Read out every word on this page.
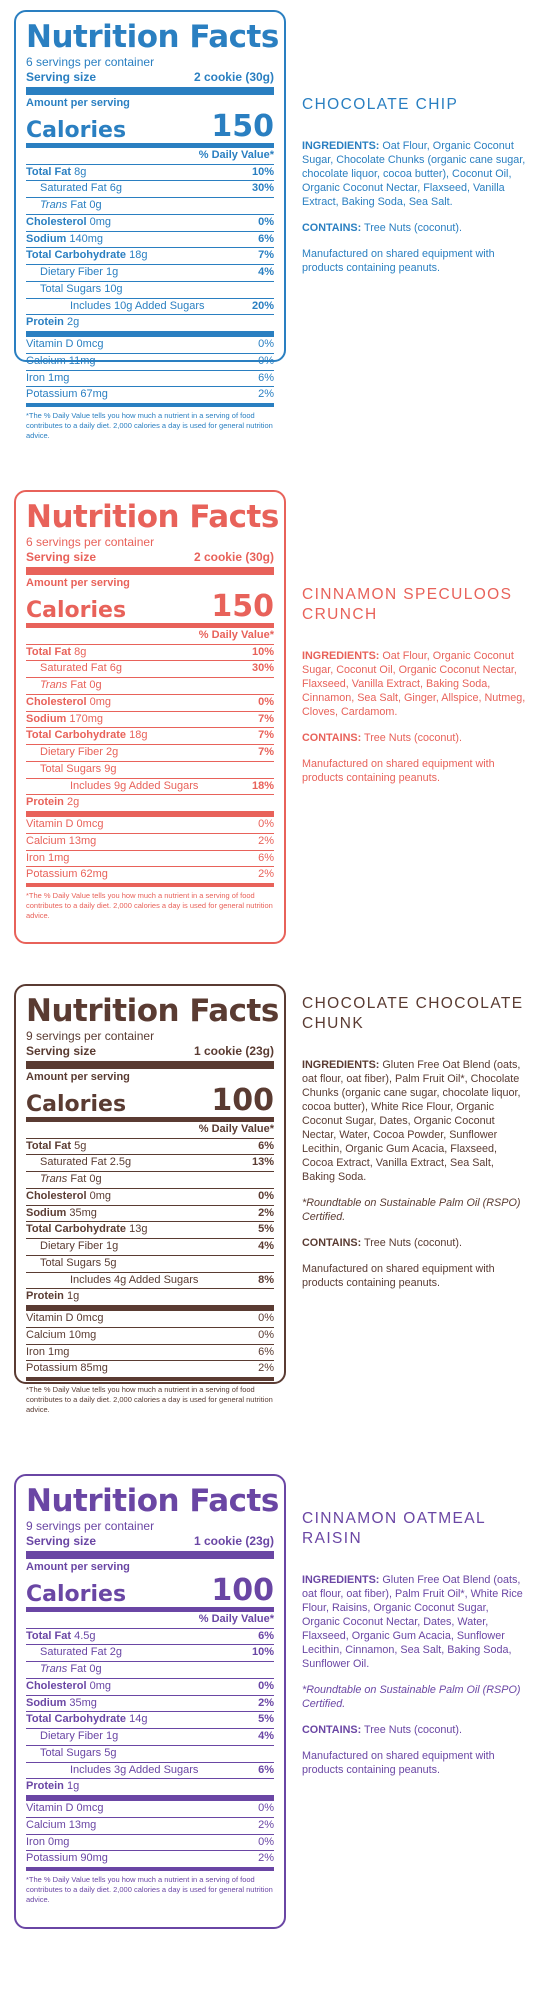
Nutrition Facts
6 servings per container
Serving size	2 cookie (30g)
Amount per serving
Calories	150
% Daily Value*
Total Fat 8g	10%
Saturated Fat 6g	30%
Trans Fat 0g
Cholesterol 0mg	0%
Sodium 140mg	6%
Total Carbohydrate 18g	7%
Dietary Fiber 1g	4%
Total Sugars 10g
Includes 10g Added Sugars	20%
Protein 2g
Vitamin D 0mcg	0%
Calcium 11mg	0%
Iron 1mg	6%
Potassium 67mg	2%
*The % Daily Value tells you how much a nutrient in a serving of food contributes to a daily diet. 2,000 calories a day is used for general nutrition advice.
CHOCOLATE CHIP

INGREDIENTS: Oat Flour, Organic Coconut Sugar, Chocolate Chunks (organic cane sugar, chocolate liquor, cocoa butter), Coconut Oil, Organic Coconut Nectar, Flaxseed, Vanilla Extract, Baking Soda, Sea Salt.

CONTAINS: Tree Nuts (coconut).

Manufactured on shared equipment with products containing peanuts.

Nutrition Facts
6 servings per container
Serving size	2 cookie (30g)
Amount per serving
Calories	150
% Daily Value*
Total Fat 8g	10%
Saturated Fat 6g	30%
Trans Fat 0g
Cholesterol 0mg	0%
Sodium 170mg	7%
Total Carbohydrate 18g	7%
Dietary Fiber 2g	7%
Total Sugars 9g
Includes 9g Added Sugars	18%
Protein 2g
Vitamin D 0mcg	0%
Calcium 13mg	2%
Iron 1mg	6%
Potassium 62mg	2%
*The % Daily Value tells you how much a nutrient in a serving of food contributes to a daily diet. 2,000 calories a day is used for general nutrition advice.
CINNAMON SPECULOOS CRUNCH

INGREDIENTS: Oat Flour, Organic Coconut Sugar, Coconut Oil, Organic Coconut Nectar, Flaxseed, Vanilla Extract, Baking Soda, Cinnamon, Sea Salt, Ginger, Allspice, Nutmeg, Cloves, Cardamom.

CONTAINS: Tree Nuts (coconut).

Manufactured on shared equipment with products containing peanuts.

Nutrition Facts
9 servings per container
Serving size	1 cookie (23g)
Amount per serving
Calories	100
% Daily Value*
Total Fat 5g	6%
Saturated Fat 2.5g	13%
Trans Fat 0g
Cholesterol 0mg	0%
Sodium 35mg	2%
Total Carbohydrate 13g	5%
Dietary Fiber 1g	4%
Total Sugars 5g
Includes 4g Added Sugars	8%
Protein 1g
Vitamin D 0mcg	0%
Calcium 10mg	0%
Iron 1mg	6%
Potassium 85mg	2%
*The % Daily Value tells you how much a nutrient in a serving of food contributes to a daily diet. 2,000 calories a day is used for general nutrition advice.
CHOCOLATE CHOCOLATE CHUNK

INGREDIENTS: Gluten Free Oat Blend (oats, oat flour, oat fiber), Palm Fruit Oil*, Chocolate Chunks (organic cane sugar, chocolate liquor, cocoa butter), White Rice Flour, Organic Coconut Sugar, Dates, Organic Coconut Nectar, Water, Cocoa Powder, Sunflower Lecithin, Organic Gum Acacia, Flaxseed, Cocoa Extract, Vanilla Extract, Sea Salt, Baking Soda.

*Roundtable on Sustainable Palm Oil (RSPO) Certified.

CONTAINS: Tree Nuts (coconut).

Manufactured on shared equipment with products containing peanuts.

Nutrition Facts
9 servings per container
Serving size	1 cookie (23g)
Amount per serving
Calories	100
% Daily Value*
Total Fat 4.5g	6%
Saturated Fat 2g	10%
Trans Fat 0g
Cholesterol 0mg	0%
Sodium 35mg	2%
Total Carbohydrate 14g	5%
Dietary Fiber 1g	4%
Total Sugars 5g
Includes 3g Added Sugars	6%
Protein 1g
Vitamin D 0mcg	0%
Calcium 13mg	2%
Iron 0mg	0%
Potassium 90mg	2%
*The % Daily Value tells you how much a nutrient in a serving of food contributes to a daily diet. 2,000 calories a day is used for general nutrition advice.
CINNAMON OATMEAL RAISIN

INGREDIENTS: Gluten Free Oat Blend (oats, oat flour, oat fiber), Palm Fruit Oil*, White Rice Flour, Raisins, Organic Coconut Sugar, Organic Coconut Nectar, Dates, Water, Flaxseed, Organic Gum Acacia, Sunflower Lecithin, Cinnamon, Sea Salt, Baking Soda, Sunflower Oil.

*Roundtable on Sustainable Palm Oil (RSPO) Certified.

CONTAINS: Tree Nuts (coconut).

Manufactured on shared equipment with products containing peanuts.
